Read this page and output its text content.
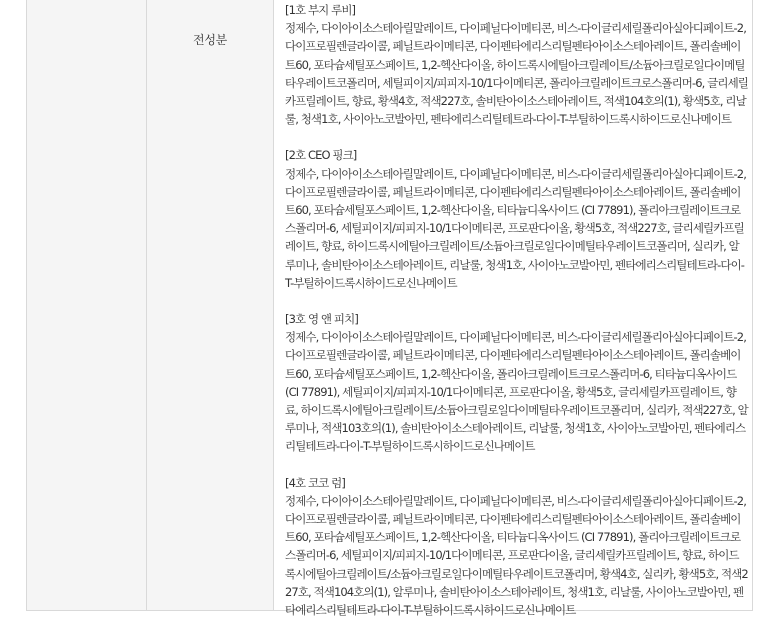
전성분
[1호 부지 루비]
정제수, 다이아이소스테아릴말레이트, 다이페닐다이메티콘, 비스-다이글리세릴폴리아실아디페이트-2, 다이프로필렌글라이콜, 페닐트라이메티콘, 다이펜타에리스리틸펜타아이소스테아레이트, 폴리솔베이트60, 포타슘세틸포스페이트, 1,2-헥산다이올, 하이드록시에틸아크릴레이트/소듐아크릴로일다이메틸타우레이트코폴리머, 세틸피이지/피피지-10/1다이메티콘, 폴리아크릴레이트크로스폴리머-6, 글리세릴카프릴레이트, 향료, 황색4호, 적색227호, 솔비탄아이소스테아레이트, 적색104호의(1), 황색5호, 리날룰, 청색1호, 사이아노코발아민, 펜타에리스리틸테트라-다이-T-부틸하이드록시하이드로신나메이트
[2호 CEO 핑크]
정제수, 다이아이소스테아릴말레이트, 다이페닐다이메티콘, 비스-다이글리세릴폴리아실아디페이트-2, 다이프로필렌글라이콜, 페닐트라이메티콘, 다이펜타에리스리틸펜타아이소스테아레이트, 폴리솔베이트60, 포타슘세틸포스페이트, 1,2-헥산다이올, 티타늄디옥사이드 (CI 77891), 폴리아크릴레이트크로스폴리머-6, 세틸피이지/피피지-10/1다이메티콘, 프로판다이올, 황색5호, 적색227호, 글리세릴카프릴레이트, 향료, 하이드록시에틸아크릴레이트/소듐아크릴로일다이메틸타우레이트코폴리머, 실리카, 알루미나, 솔비탄아이소스테아레이트, 리날룰, 청색1호, 사이아노코발아민, 펜타에리스리틸테트라-다이-T-부틸하이드록시하이드로신나메이트
[3호 영 앤 피치]
정제수, 다이아이소스테아릴말레이트, 다이페닐다이메티콘, 비스-다이글리세릴폴리아실아디페이트-2, 다이프로필렌글라이콜, 페닐트라이메티콘, 다이펜타에리스리틸펜타아이소스테아레이트, 폴리솔베이트60, 포타슘세틸포스페이트, 1,2-헥산다이올, 폴리아크릴레이트크로스폴리머-6, 티타늄디옥사이드 (CI 77891), 세틸피이지/피피지-10/1다이메티콘, 프로판다이올, 황색5호, 글리세릴카프릴레이트, 향료, 하이드록시에틸아크릴레이트/소듐아크릴로일다이메틸타우레이트코폴리머, 실리카, 적색227호, 알루미나, 적색103호의(1), 솔비탄아이소스테아레이트, 리날룰, 청색1호, 사이아노코발아민, 펜타에리스리틸테트라-다이-T-부틸하이드록시하이드로신나메이트
[4호 코코 럼]
정제수, 다이아이소스테아릴말레이트, 다이페닐다이메티콘, 비스-다이글리세릴폴리아실아디페이트-2, 다이프로필렌글라이콜, 페닐트라이메티콘, 다이펜타에리스리틸펜타아이소스테아레이트, 폴리솔베이트60, 포타슘세틸포스페이트, 1,2-헥산다이올, 티타늄디옥사이드 (CI 77891), 폴리아크릴레이트크로스폴리머-6, 세틸피이지/피피지-10/1다이메티콘, 프로판다이올, 글리세릴카프릴레이트, 향료, 하이드록시에틸아크릴레이트/소듐아크릴로일다이메틸타우레이트코폴리머, 황색4호, 실리카, 황색5호, 적색227호, 적색104호의(1), 알루미나, 솔비탄아이소스테아레이트, 청색1호, 리날룰, 사이아노코발아민, 펜타에리스리틸테트라-다이-T-부틸하이드록시하이드로신나메이트
